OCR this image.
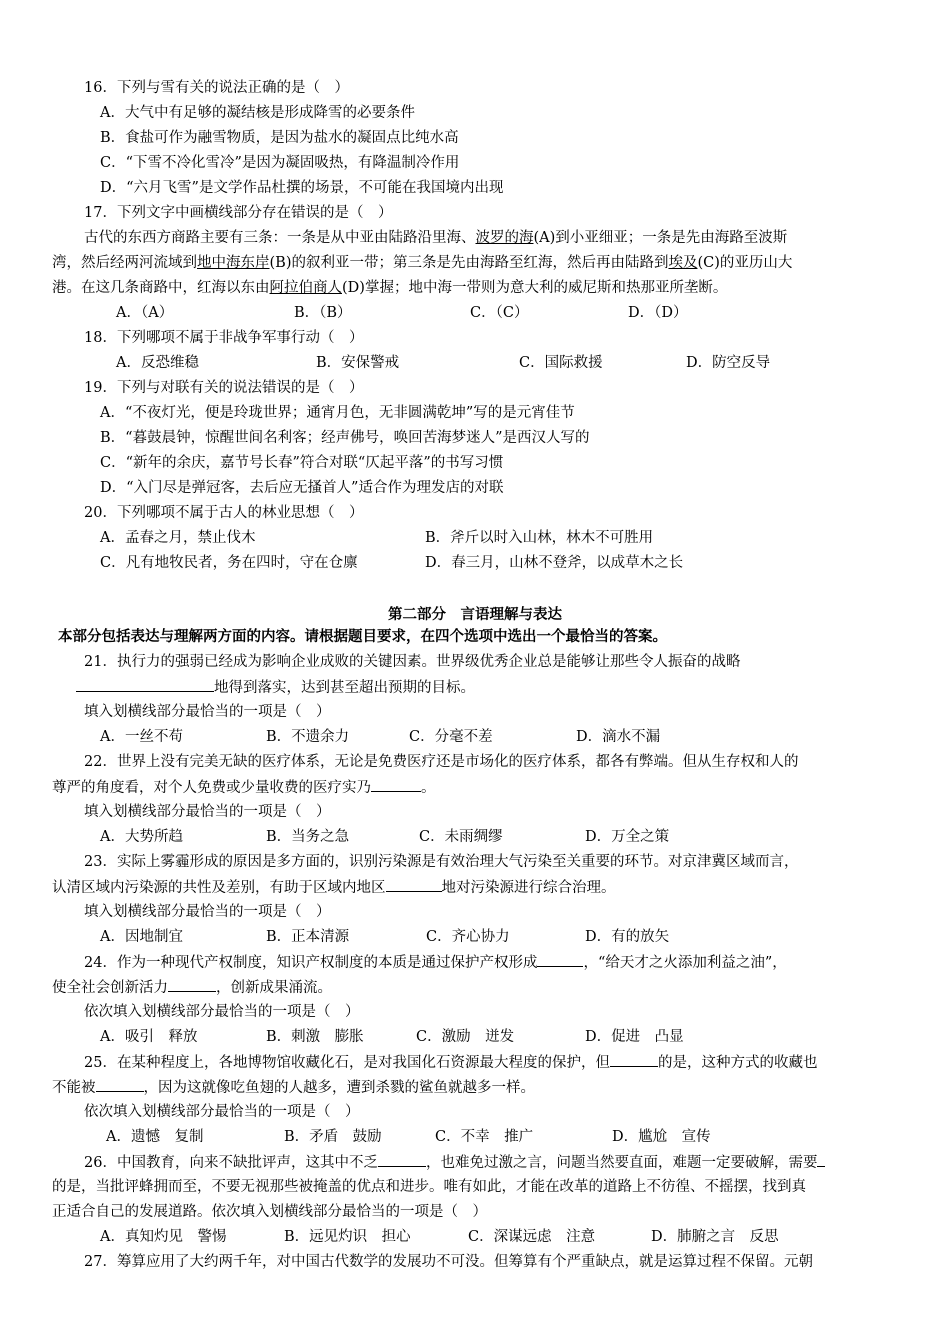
16．下列与雪有关的说法正确的是（　）
A．大气中有足够的凝结核是形成降雪的必要条件
B．食盐可作为融雪物质，是因为盐水的凝固点比纯水高
C．“下雪不冷化雪冷”是因为凝固吸热，有降温制冷作用
D．“六月飞雪”是文学作品杜撰的场景，不可能在我国境内出现
17．下列文字中画横线部分存在错误的是（　）
古代的东西方商路主要有三条：一条是从中亚由陆路沿里海、波罗的海(A)到小亚细亚；一条是先由海路至波斯
湾，然后经两河流域到地中海东岸(B)的叙利亚一带；第三条是先由海路至红海，然后再由陆路到埃及(C)的亚历山大
港。在这几条商路中，红海以东由阿拉伯商人(D)掌握；地中海一带则为意大利的威尼斯和热那亚所垄断。
A．（A）	B．（B）	C．（C）	D．（D）
18．下列哪项不属于非战争军事行动（　）
A．反恐维稳	B．安保警戒	C．国际救援	D．防空反导
19．下列与对联有关的说法错误的是（　）
A．“不夜灯光，便是玲珑世界；通宵月色，无非圆满乾坤”写的是元宵佳节
B．“暮鼓晨钟，惊醒世间名利客；经声佛号，唤回苦海梦迷人”是西汉人写的
C．“新年的余庆，嘉节号长春”符合对联“仄起平落”的书写习惯
D．“入门尽是弹冠客，去后应无搔首人”适合作为理发店的对联
20．下列哪项不属于古人的林业思想（　）
A．孟春之月，禁止伐木	B．斧斤以时入山林，林木不可胜用
C．凡有地牧民者，务在四时，守在仓廪	D．春三月，山林不登斧，以成草木之长
第二部分　言语理解与表达
本部分包括表达与理解两方面的内容。请根据题目要求，在四个选项中选出一个最恰当的答案。
21．执行力的强弱已经成为影响企业成败的关键因素。世界级优秀企业总是能够让那些令人振奋的战略
地得到落实，达到甚至超出预期的目标。
填入划横线部分最恰当的一项是（　）
A．一丝不苟	B．不遗余力	C．分毫不差	D．滴水不漏
22．世界上没有完美无缺的医疗体系，无论是免费医疗还是市场化的医疗体系，都各有弊端。但从生存权和人的
尊严的角度看，对个人免费或少量收费的医疗实乃	。
填入划横线部分最恰当的一项是（　）
A．大势所趋	B．当务之急	C．未雨绸缪	D．万全之策
23．实际上雾霾形成的原因是多方面的，识别污染源是有效治理大气污染至关重要的环节。对京津冀区域而言，
认清区域内污染源的共性及差别，有助于区域内地区	地对污染源进行综合治理。
填入划横线部分最恰当的一项是（　）
A．因地制宜	B．正本清源	C．齐心协力	D．有的放矢
24．作为一种现代产权制度，知识产权制度的本质是通过保护产权形成	，“给天才之火添加利益之油”，
使全社会创新活力	，创新成果涌流。
依次填入划横线部分最恰当的一项是（　）
A．吸引　释放	B．刺激　膨胀	C．激励　迸发	D．促进　凸显
25．在某种程度上，各地博物馆收藏化石，是对我国化石资源最大程度的保护，但	的是，这种方式的收藏也
不能被	，因为这就像吃鱼翅的人越多，遭到杀戮的鲨鱼就越多一样。
依次填入划横线部分最恰当的一项是（　）
A．遗憾　复制	B．矛盾　鼓励	C．不幸　推广	D．尴尬　宣传
26．中国教育，向来不缺批评声，这其中不乏	，也难免过激之言，问题当然要直面，难题一定要破解，需要
的是，当批评蜂拥而至，不要无视那些被掩盖的优点和进步。唯有如此，才能在改革的道路上不彷徨、不摇摆，找到真
正适合自己的发展道路。依次填入划横线部分最恰当的一项是（　）
A．真知灼见　警惕	B．远见灼识　担心	C．深谋远虑　注意	D．肺腑之言　反思
27．筹算应用了大约两千年，对中国古代数学的发展功不可没。但筹算有个严重缺点，就是运算过程不保留。元朝
